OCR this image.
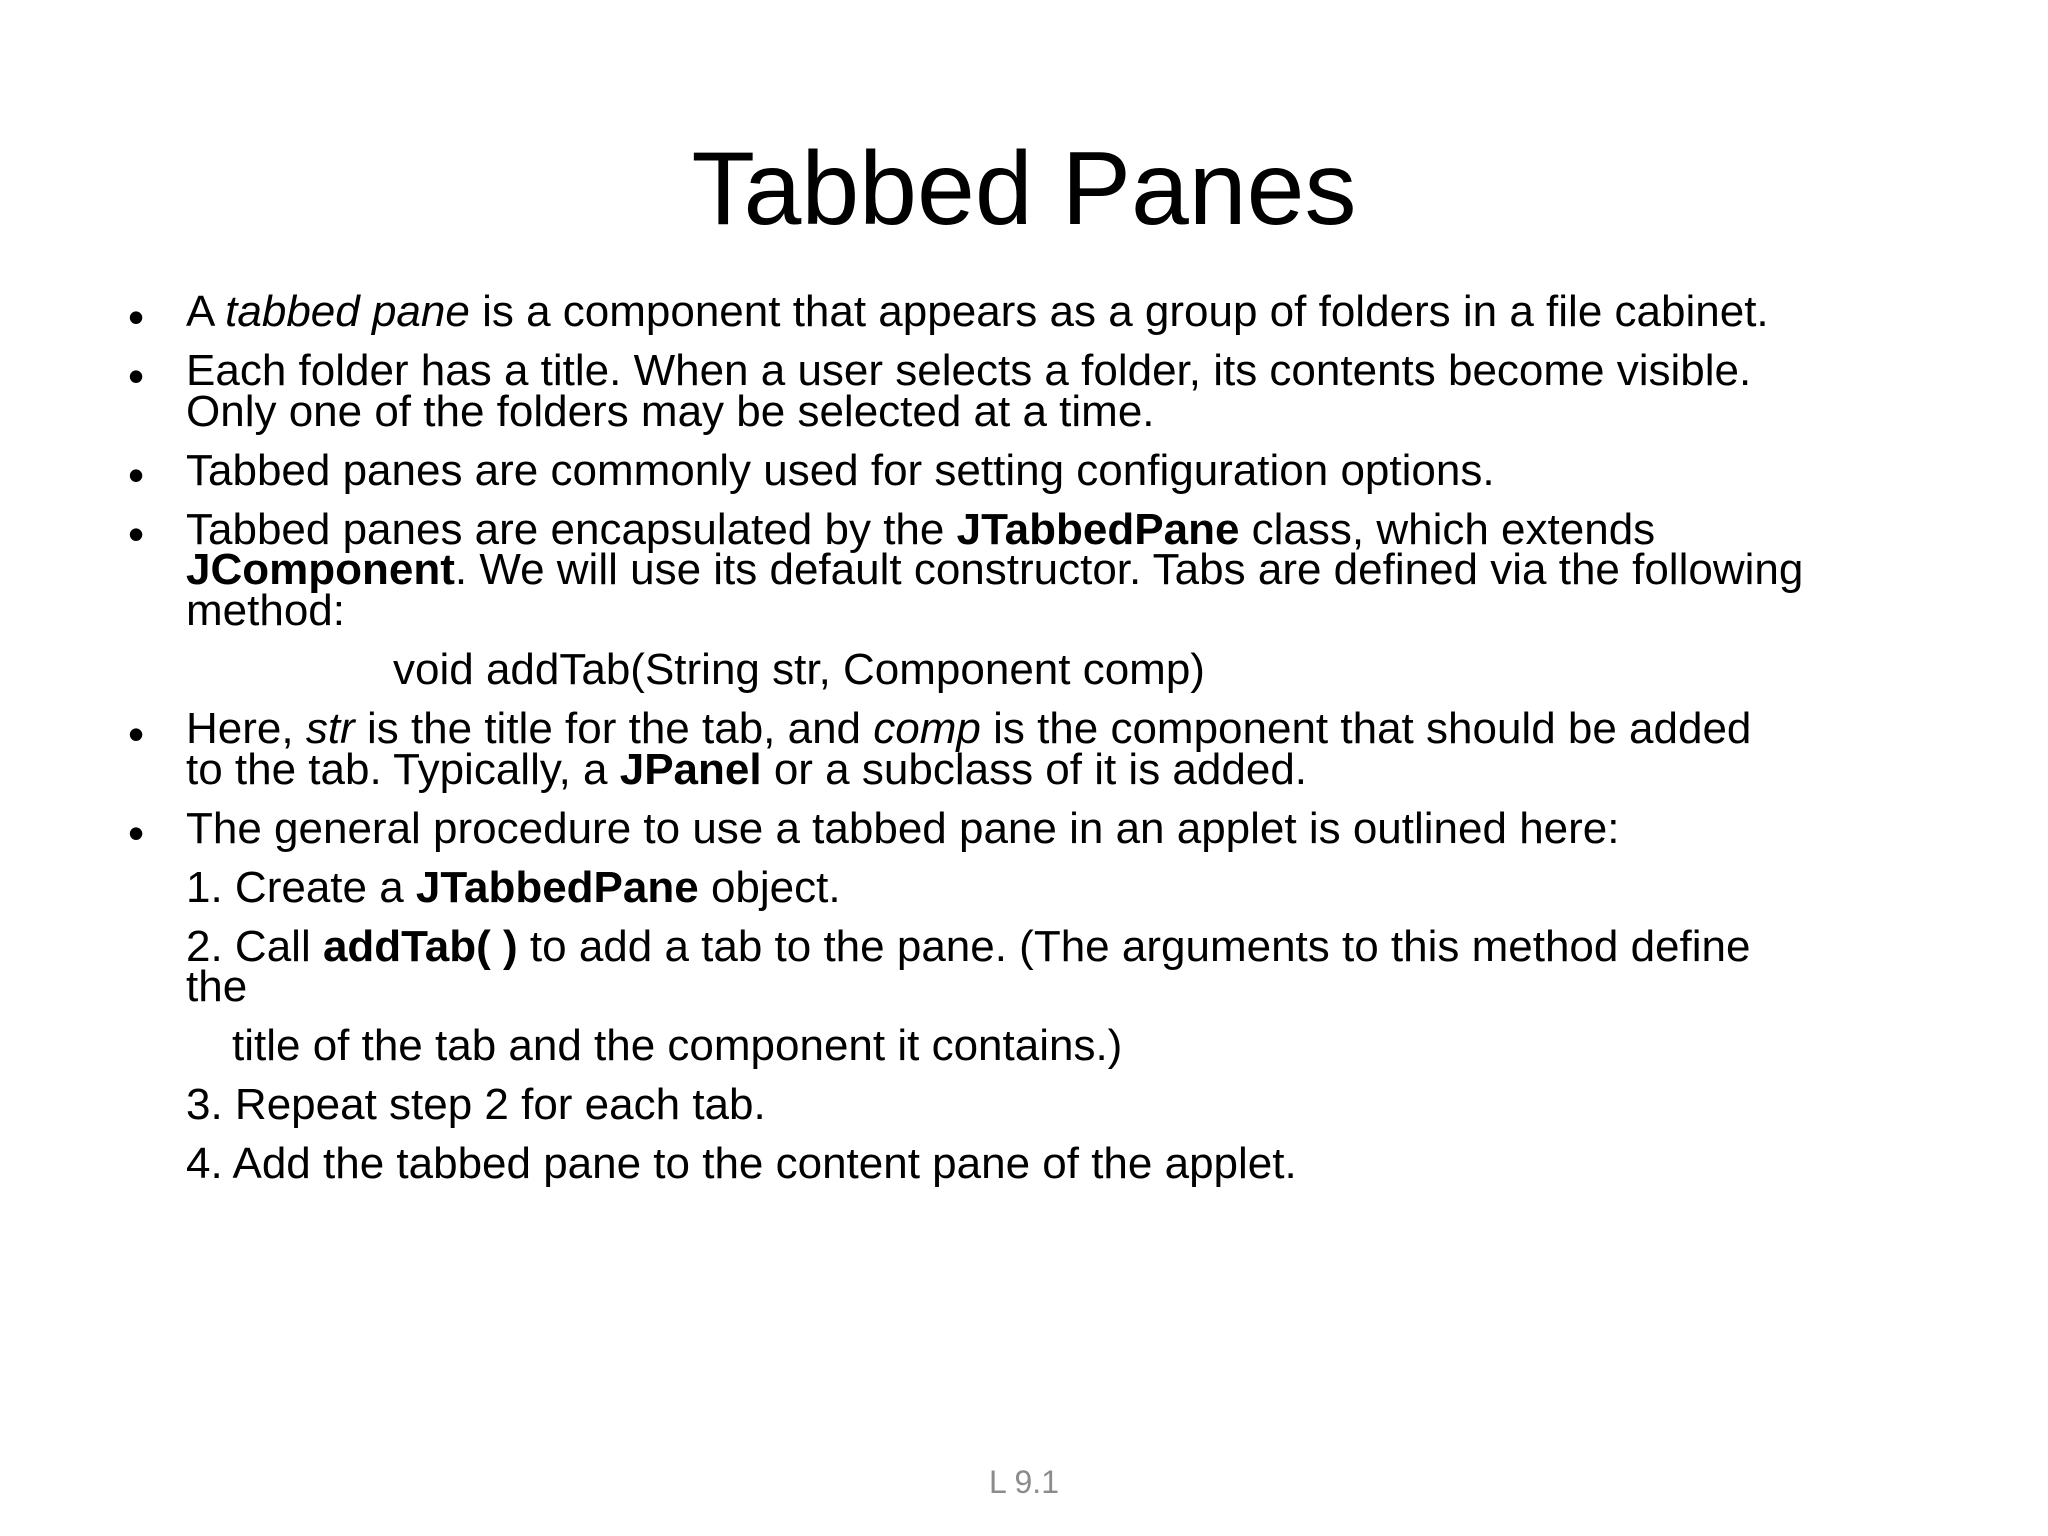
Tabbed Panes
• A tabbed pane is a component that appears as a group of folders in a file cabinet.
• Each folder has a title. When a user selects a folder, its contents become visible.
Only one of the folders may be selected at a time.
• Tabbed panes are commonly used for setting configuration options.
• Tabbed panes are encapsulated by the JTabbedPane class, which extends
JComponent. We will use its default constructor. Tabs are defined via the following
method:
void addTab(String str, Component comp)
• Here, str is the title for the tab, and comp is the component that should be added
to the tab. Typically, a JPanel or a subclass of it is added.
• The general procedure to use a tabbed pane in an applet is outlined here:
1. Create a JTabbedPane object.
2. Call addTab( ) to add a tab to the pane. (The arguments to this method define
the
title of the tab and the component it contains.)
3. Repeat step 2 for each tab.
4. Add the tabbed pane to the content pane of the applet.
L 9.1
